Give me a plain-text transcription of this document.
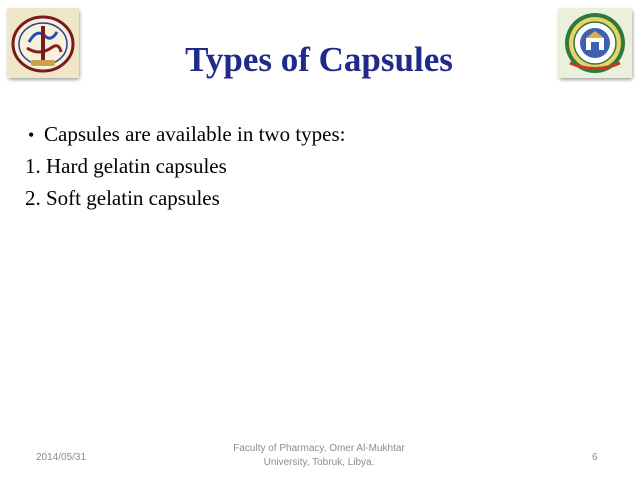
Types of Capsules
• Capsules are available in two types:
1. Hard gelatin capsules
2. Soft gelatin capsules
2014/05/31
Faculty of Pharmacy, Omer Al-Mukhtar
University, Tobruk, Libya.	6
